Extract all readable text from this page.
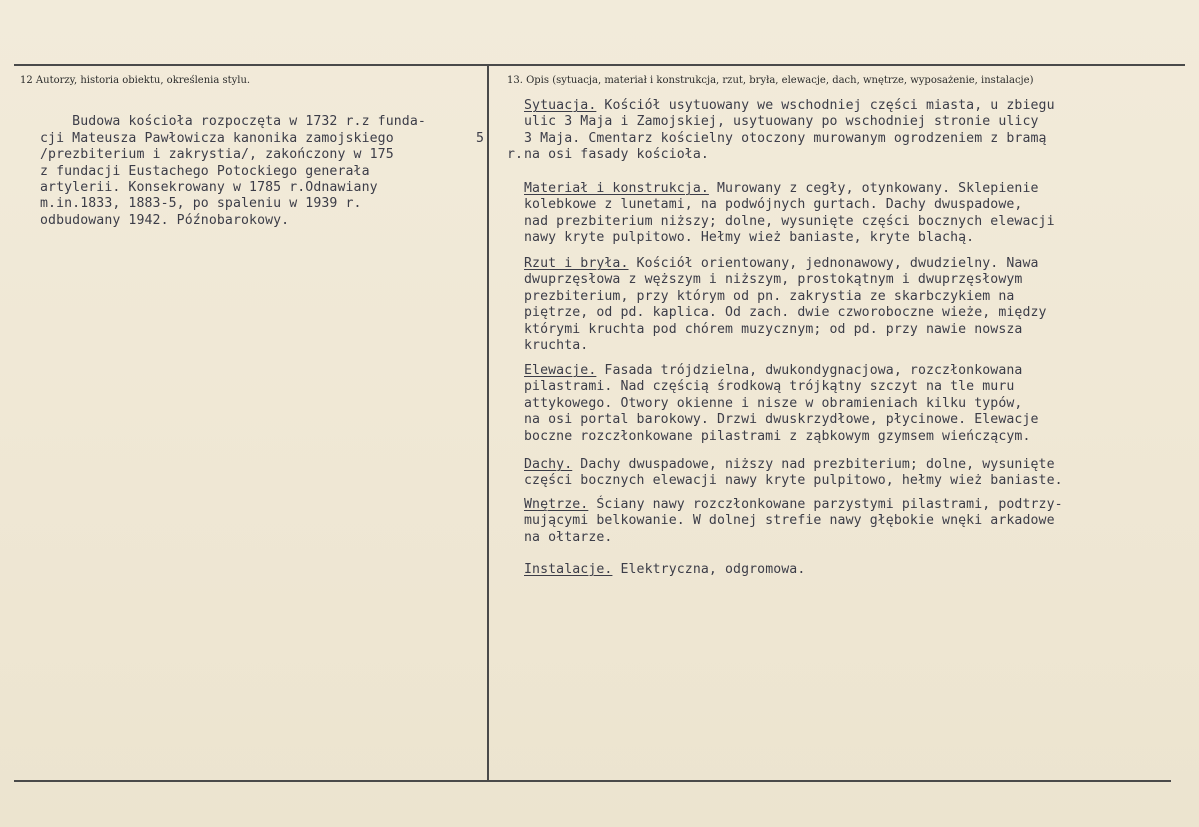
12 Autorzy, historia obiektu, określenia stylu.	13. Opis (sytuacja, materiał i konstrukcja, rzut, bryła, elewacje, dach, wnętrze, wyposażenie, instalacje)

Budowa kościoła rozpoczęta w 1732 r.z funda-
cji Mateusza Pawłowicza kanonika zamojskiego
/prezbiterium i zakrystia/, zakończony w 175
z fundacji Eustachego Potockiego generała
artylerii. Konsekrowany w 1785 r.Odnawiany
m.in.1833, 1883-5, po spaleniu w 1939 r.
odbudowany 1942. Późnobarokowy.
5
r.
Sytuacja. Kościół usytuowany we wschodniej części miasta, u zbiegu
ulic 3 Maja i Zamojskiej, usytuowany po wschodniej stronie ulicy
3 Maja. Cmentarz kościelny otoczony murowanym ogrodzeniem z bramą
na osi fasady kościoła.
Materiał i konstrukcja. Murowany z cegły, otynkowany. Sklepienie
kolebkowe z lunetami, na podwójnych gurtach. Dachy dwuspadowe,
nad prezbiterium niższy; dolne, wysunięte części bocznych elewacji
nawy kryte pulpitowo. Hełmy wież baniaste, kryte blachą.
Rzut i bryła. Kościół orientowany, jednonawowy, dwudzielny. Nawa
dwuprzęsłowa z węższym i niższym, prostokątnym i dwuprzęsłowym
prezbiterium, przy którym od pn. zakrystia ze skarbczykiem na
piętrze, od pd. kaplica. Od zach. dwie czworoboczne wieże, między
którymi kruchta pod chórem muzycznym; od pd. przy nawie nowsza
kruchta.
Elewacje. Fasada trójdzielna, dwukondygnacjowa, rozczłonkowana
pilastrami. Nad częścią środkową trójkątny szczyt na tle muru
attykowego. Otwory okienne i nisze w obramieniach kilku typów,
na osi portal barokowy. Drzwi dwuskrzydłowe, płycinowe. Elewacje
boczne rozczłonkowane pilastrami z ząbkowym gzymsem wieńczącym.
Dachy. Dachy dwuspadowe, niższy nad prezbiterium; dolne, wysunięte
części bocznych elewacji nawy kryte pulpitowo, hełmy wież baniaste.
Wnętrze. Ściany nawy rozczłonkowane parzystymi pilastrami, podtrzy-
mującymi belkowanie. W dolnej strefie nawy głębokie wnęki arkadowe
na ołtarze.
Instalacje. Elektryczna, odgromowa.
